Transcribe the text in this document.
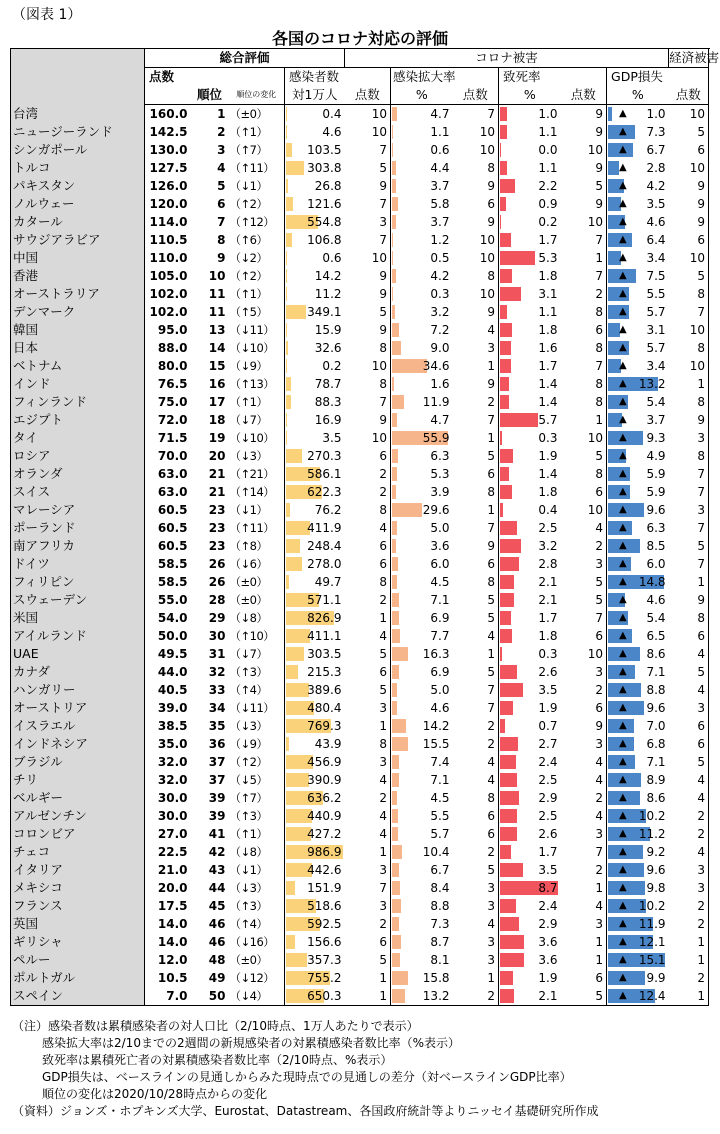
（図表 1）
各国のコロナ対応の評価
	総合評価				コロナ被害						経済被害
	点数			感染者数		感染拡大率		致死率		GDP損失	
		順位	順位の変化	対1万人	点数	%	点数	%	点数	%	点数
台湾	160.0	1	（±0）	0.4	10	4.7	7	1.0	9	▲ 1.0	10
ニュージーランド	142.5	2	（↑1）	4.6	10	1.1	10	1.1	9	▲ 7.3	5
シンガポール	130.0	3	（↑7）	103.5	7	0.6	10	0.0	10	▲ 6.7	6
トルコ	127.5	4	（↑11）	303.8	5	4.4	8	1.1	9	▲ 2.8	10
パキスタン	126.0	5	（↓1）	26.8	9	3.7	9	2.2	5	▲ 4.2	9
ノルウェー	120.0	6	（↑2）	121.6	7	5.8	6	0.9	9	▲ 3.5	9
カタール	114.0	7	（↑12）	554.8	3	3.7	9	0.2	10	▲ 4.6	9
サウジアラビア	110.5	8	（↑6）	106.8	7	1.2	10	1.7	7	▲ 6.4	6
中国	110.0	9	（↓2）	0.6	10	0.5	10	5.3	1	▲ 3.4	10
香港	105.0	10	（↑2）	14.2	9	4.2	8	1.8	7	▲ 7.5	5
オーストラリア	102.0	11	（↑1）	11.2	9	0.3	10	3.1	2	▲ 5.5	8
デンマーク	102.0	11	（↑5）	349.1	5	3.2	9	1.1	8	▲ 5.7	7
韓国	95.0	13	（↓11）	15.9	9	7.2	4	1.8	6	▲ 3.1	10
日本	88.0	14	（↓10）	32.6	8	9.0	3	1.6	8	▲ 5.7	8
ベトナム	80.0	15	（↓9）	0.2	10	34.6	1	1.7	7	▲ 3.4	10
インド	76.5	16	（↑13）	78.7	8	1.6	9	1.4	8	▲ 13.2	1
フィンランド	75.0	17	（↑1）	88.3	7	11.9	2	1.4	8	▲ 5.4	8
エジプト	72.0	18	（↓7）	16.9	9	4.7	7	5.7	1	▲ 3.7	9
タイ	71.5	19	（↓10）	3.5	10	55.9	1	0.3	10	▲ 9.3	3
ロシア	70.0	20	（↓3）	270.3	6	6.3	5	1.9	5	▲ 4.9	8
オランダ	63.0	21	（↑21）	586.1	2	5.3	6	1.4	8	▲ 5.9	7
スイス	63.0	21	（↑14）	622.3	2	3.9	8	1.8	6	▲ 5.9	7
マレーシア	60.5	23	（↓1）	76.2	8	29.6	1	0.4	10	▲ 9.6	3
ポーランド	60.5	23	（↑11）	411.9	4	5.0	7	2.5	4	▲ 6.3	7
南アフリカ	60.5	23	（↑8）	248.4	6	3.6	9	3.2	2	▲ 8.5	5
ドイツ	58.5	26	（↓6）	278.0	6	6.0	6	2.8	3	▲ 6.0	7
フィリピン	58.5	26	（±0）	49.7	8	4.5	8	2.1	5	▲ 14.8	1
スウェーデン	55.0	28	（±0）	571.1	2	7.1	5	2.1	5	▲ 4.6	9
米国	54.0	29	（↓8）	826.9	1	6.9	5	1.7	7	▲ 5.4	8
アイルランド	50.0	30	（↑10）	411.1	4	7.7	4	1.8	6	▲ 6.5	6
UAE	49.5	31	（↓7）	303.5	5	16.3	1	0.3	10	▲ 8.6	4
カナダ	44.0	32	（↑3）	215.3	6	6.9	5	2.6	3	▲ 7.1	5
ハンガリー	40.5	33	（↑4）	389.6	5	5.0	7	3.5	2	▲ 8.8	4
オーストリア	39.0	34	（↓11）	480.4	3	4.6	7	1.9	6	▲ 9.6	3
イスラエル	38.5	35	（↓3）	769.3	1	14.2	2	0.7	9	▲ 7.0	6
インドネシア	35.0	36	（↓9）	43.9	8	15.5	2	2.7	3	▲ 6.8	6
ブラジル	32.0	37	（↑2）	456.9	3	7.4	4	2.4	4	▲ 7.1	5
チリ	32.0	37	（↓5）	390.9	4	7.1	4	2.5	4	▲ 8.9	4
ベルギー	30.0	39	（↑7）	636.2	2	4.5	8	2.9	2	▲ 8.6	4
アルゼンチン	30.0	39	（↑3）	440.9	4	5.5	6	2.5	4	▲ 10.2	2
コロンビア	27.0	41	（↑1）	427.2	4	5.7	6	2.6	3	▲ 11.2	2
チェコ	22.5	42	（↓8）	986.9	1	10.4	2	1.7	7	▲ 9.2	4
イタリア	21.0	43	（↓1）	442.6	3	6.7	5	3.5	2	▲ 9.6	3
メキシコ	20.0	44	（↓3）	151.9	7	8.4	3	8.7	1	▲ 9.8	3
フランス	17.5	45	（↑3）	518.6	3	8.8	3	2.4	4	▲ 10.2	2
英国	14.0	46	（↑4）	592.5	2	7.3	4	2.9	3	▲ 11.9	2
ギリシャ	14.0	46	（↓16）	156.6	6	8.7	3	3.6	1	▲ 12.1	1
ペルー	12.0	48	（±0）	357.3	5	8.1	3	3.6	1	▲ 15.1	1
ポルトガル	10.5	49	（↓12）	755.2	1	15.8	1	1.9	6	▲ 9.9	2
スペイン	7.0	50	（↓4）	650.3	1	13.2	2	2.1	5	▲ 12.4	1
（注）感染者数は累積感染者の対人口比（2/10時点、1万人あたりで表示）
感染拡大率は2/10までの2週間の新規感染者の対累積感染者数比率（%表示）
致死率は累積死亡者の対累積感染者数比率（2/10時点、%表示）
GDP損失は、ベースラインの見通しからみた現時点での見通しの差分（対ベースラインGDP比率）
順位の変化は2020/10/28時点からの変化
（資料）ジョンズ・ホプキンズ大学、Eurostat、Datastream、各国政府統計等よりニッセイ基礎研究所作成
